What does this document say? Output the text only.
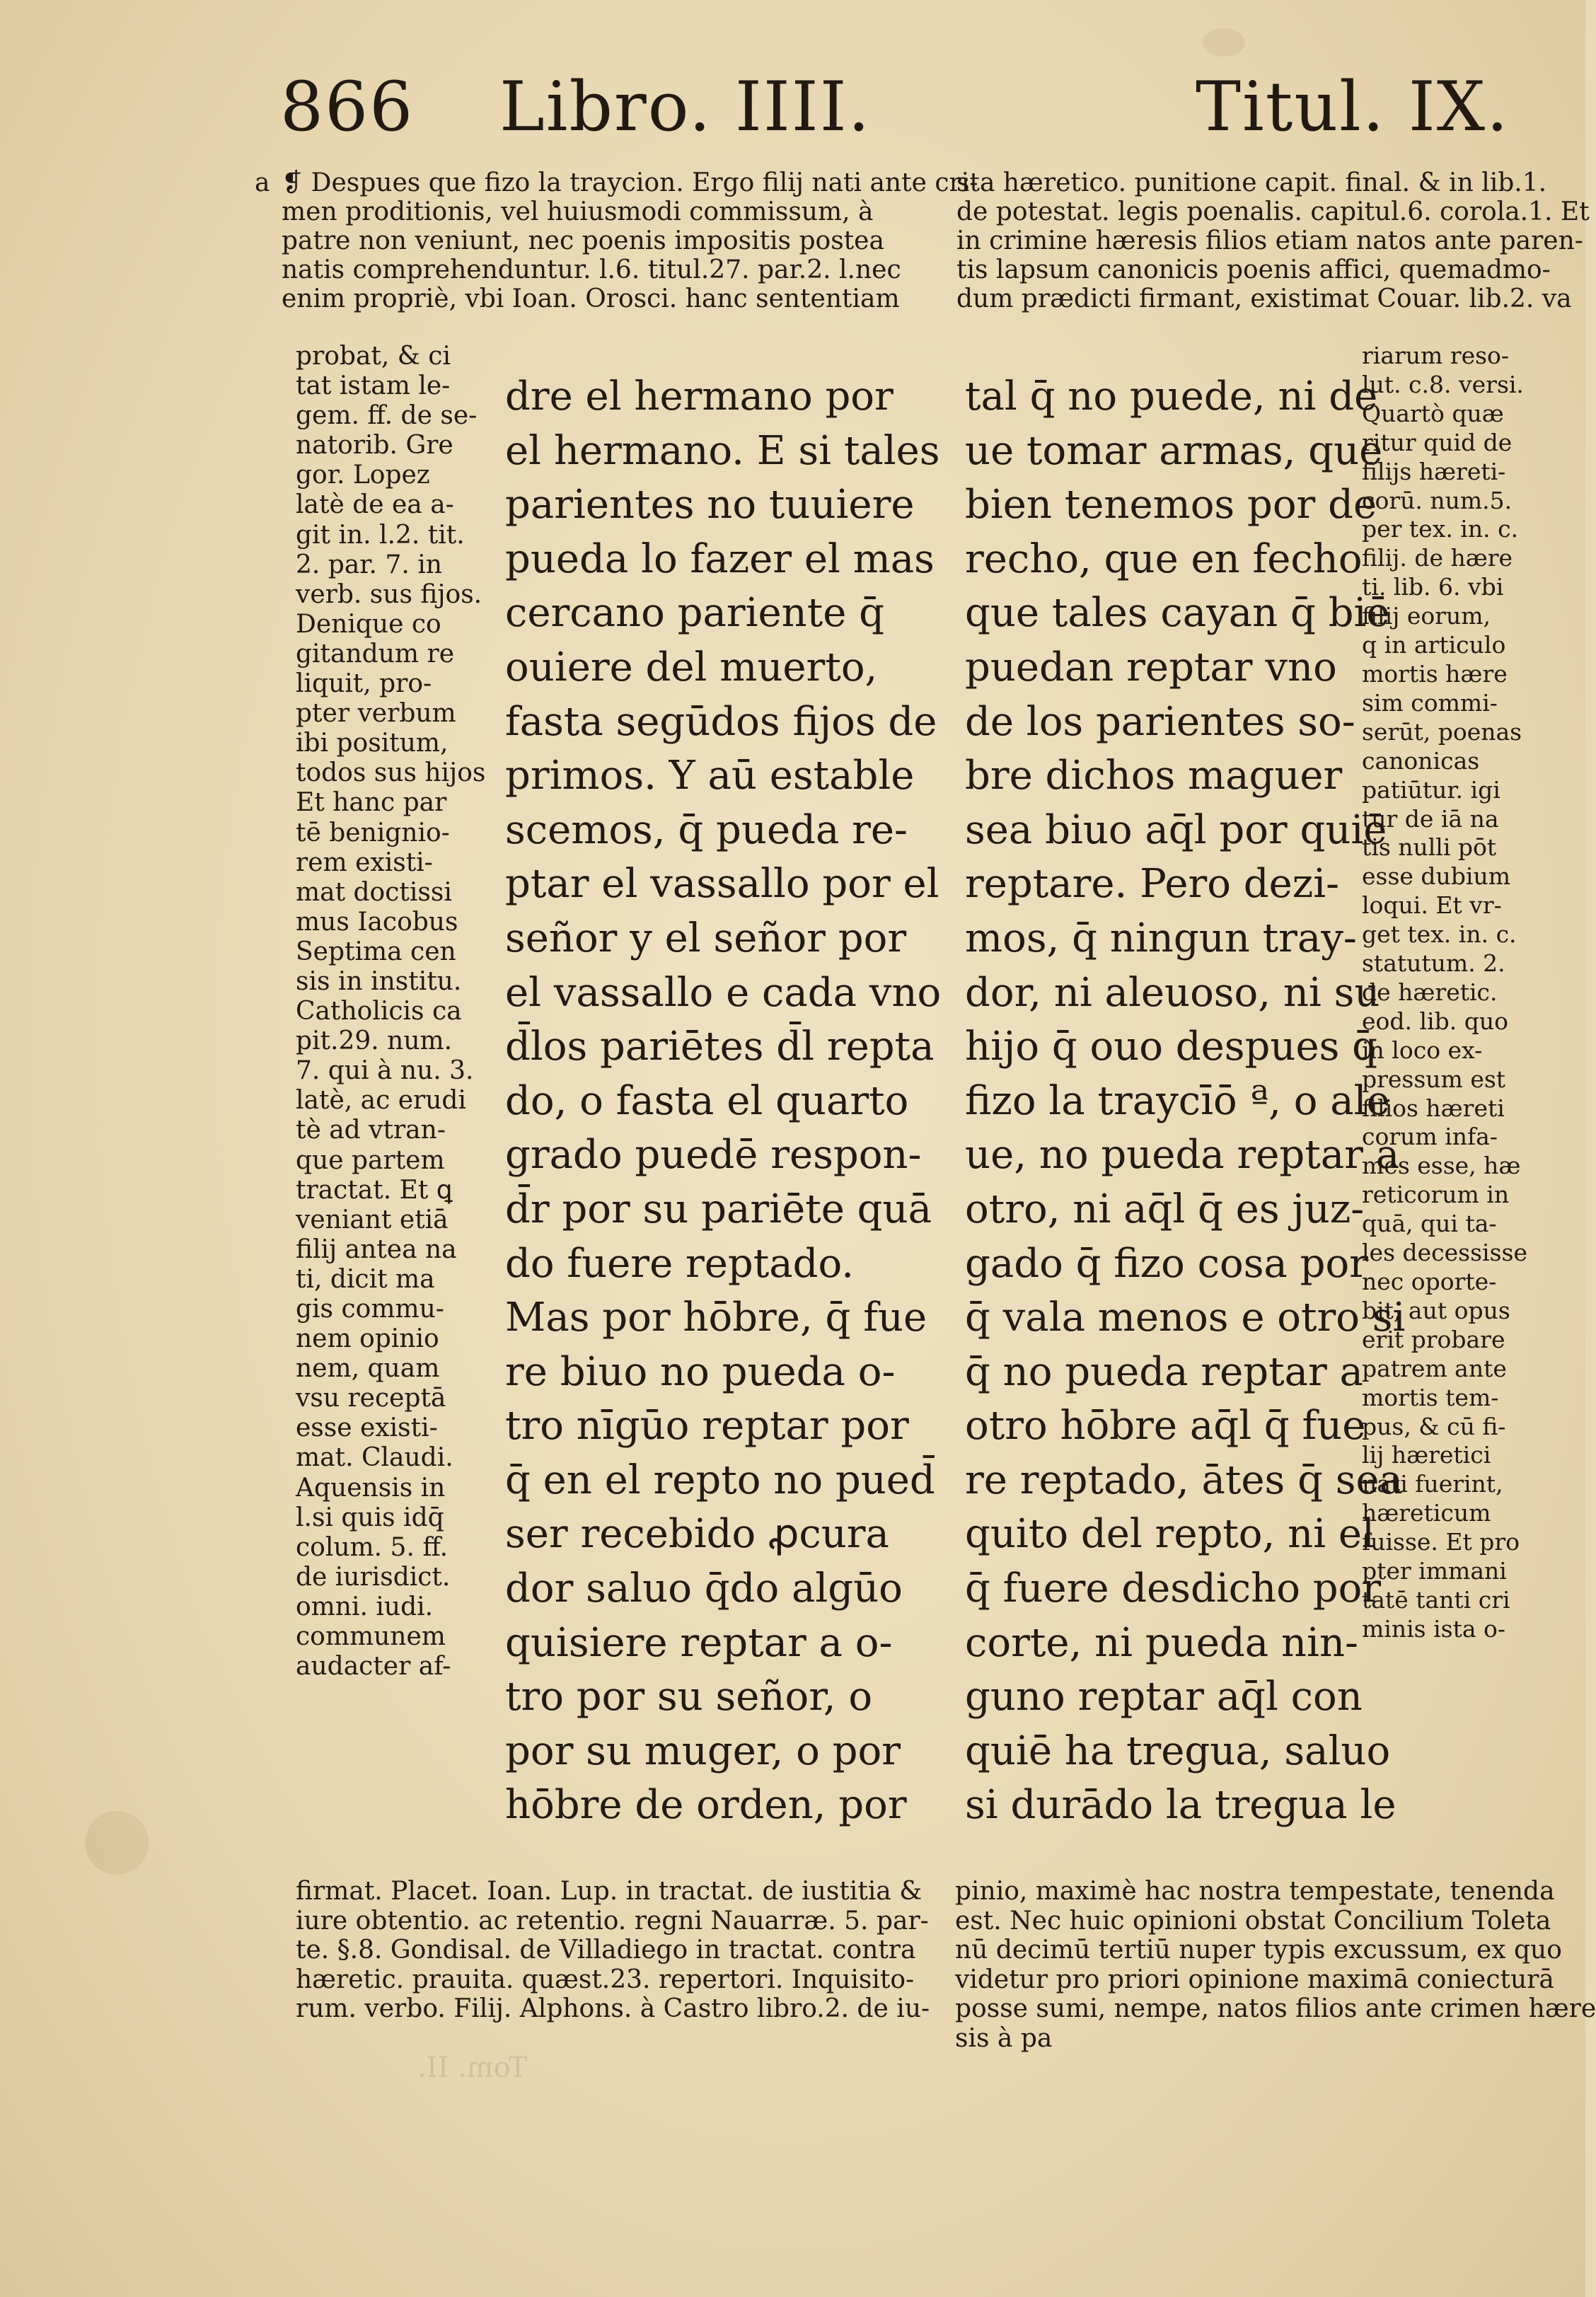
866 Libro. IIII.	Titul. IX.
a ❡ Despues que fizo la traycion. Ergo filij nati ante cri-
men proditionis, vel huiusmodi commissum, à
patre non veniunt, nec poenis impositis postea
natis comprehenduntur. l.6. titul.27. par.2. l.nec
enim propriè, vbi Ioan. Orosci. hanc sententiam
sta hæretico. punitione capit. final. & in lib.1.
de potestat. legis poenalis. capitul.6. corola.1. Et
in crimine hæresis filios etiam natos ante paren-
tis lapsum canonicis poenis affici, quemadmo-
dum prædicti firmant, existimat Couar. lib.2. va
probat, & ci
tat istam le-
gem. ff. de se-
natorib. Gre
gor. Lopez
latè de ea a-
git in. l.2. tit.
2. par. 7. in
verb. sus fijos.
Denique co
gitandum re
liquit, pro-
pter verbum
ibi positum,
todos sus hijos
Et hanc par
tē benignio-
rem existi-
mat doctissi
mus Iacobus
Septima cen
sis in institu.
Catholicis ca
pit.29. num.
7. qui à nu. 3.
latè, ac erudi
tè ad vtran-
que partem
tractat. Et ꝗ
veniant etiā
filij antea na
ti, dicit ma
gis commu-
nem opinio
nem, quam
vsu receptā
esse existi-
mat. Claudi.
Aquensis in
l.si quis idq̄
colum. 5. ff.
de iurisdict.
omni. iudi.
communem
audacter af-
riarum reso-
lut. c.8. versi.
Quartò quæ
ritur quid de
filijs hæreti-
corū. num.5.
per tex. in. c.
filij. de hære
ti. lib. 6. vbi
filij eorum,
q in articulo
mortis hære
sim commi-
serūt, poenas
canonicas
patiūtur. igi
tur de iā na
tis nulli pōt
esse dubium
loqui. Et vr-
get tex. in. c.
statutum. 2.
de hæretic.
eod. lib. quo
in loco ex-
pressum est
filios hæreti
corum infa-
mes esse, hæ
reticorum in
quā, qui ta-
les decessisse
nec oporte-
bit, aut opus
erit probare
patrem ante
mortis tem-
pus, & cū fi-
lij hæretici
nati fuerint,
hæreticum
fuisse. Et pro
pter immani
tatē tanti cri
minis ista o-
dre el hermano por
el hermano. E si tales
parientes no tuuiere
pueda lo fazer el mas
cercano pariente q̄
ouiere del muerto,
fasta segūdos fijos de
primos. Y aū estable
scemos, q̄ pueda re-
ptar el vassallo por el
señor y el señor por
el vassallo e cada vno
d̄los pariētes d̄l repta
do, o fasta el quarto
grado puedē respon-
d̄r por su pariēte quā
do fuere reptado.
Mas por hōbre, q̄ fue
re biuo no pueda o-
tro nīgūo reptar por
q̄ en el repto no pued̄
ser recebido ꝓcura
dor saluo q̄do algūo
quisiere reptar a o-
tro por su señor, o
por su muger, o por
hōbre de orden, por
tal q̄ no puede, ni de
ue tomar armas, que
bien tenemos por de
recho, que en fecho
que tales cayan q̄ biē
puedan reptar vno
de los parientes so-
bre dichos maguer
sea biuo aq̄l por quiē
reptare. Pero dezi-
mos, q̄ ningun tray-
dor, ni aleuoso, ni su
hijo q̄ ouo despues q̄
fizo la traycīō ª, o ale
ue, no pueda reptar a
otro, ni aq̄l q̄ es juz-
gado q̄ fizo cosa por
q̄ vala menos e otro si
q̄ no pueda reptar a
otro hōbre aq̄l q̄ fue
re reptado, ātes q̄ sea
quito del repto, ni el
q̄ fuere desdicho por
corte, ni pueda nin-
guno reptar aq̄l con
quiē ha tregua, saluo
si durādo la tregua le
firmat. Placet. Ioan. Lup. in tractat. de iustitia &
iure obtentio. ac retentio. regni Nauarræ. 5. par-
te. §.8. Gondisal. de Villadiego in tractat. contra
hæretic. prauita. quæst.23. repertori. Inquisito-
rum. verbo. Filij. Alphons. à Castro libro.2. de iu-
pinio, maximè hac nostra tempestate, tenenda
est. Nec huic opinioni obstat Concilium Toleta
nū decimū tertiū nuper typis excussum, ex quo
videtur pro priori opinione maximā coniecturā
posse sumi, nempe, natos filios ante crimen hære
sis à pa
Tom. II.
